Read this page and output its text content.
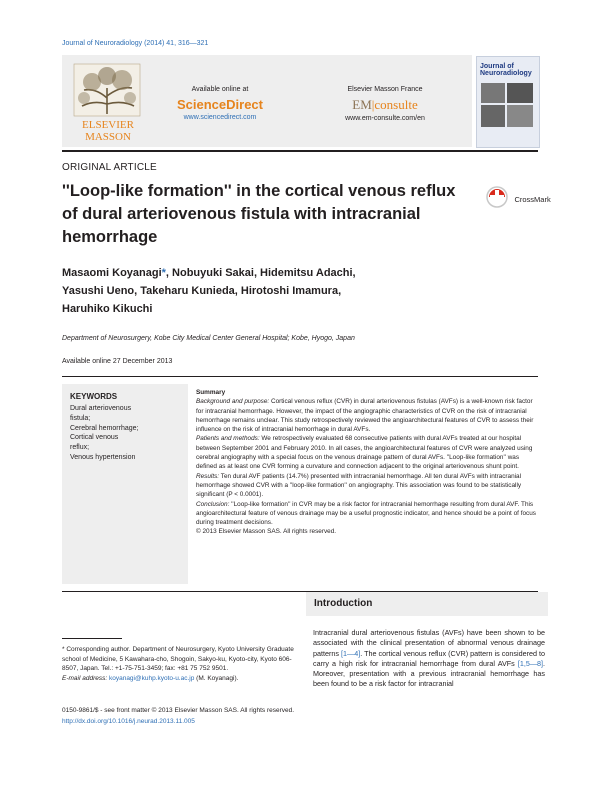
Journal of Neuroradiology (2014) 41, 316—321
ELSEVIER
MASSON
Available online at
ScienceDirect
www.sciencedirect.com
Elsevier Masson France
EM|consulte
www.em-consulte.com/en
Journal of
Neuroradiology
ORIGINAL ARTICLE
''Loop-like formation'' in the cortical venous reflux of dural arteriovenous fistula with intracranial hemorrhage
CrossMark
Masaomi Koyanagi*, Nobuyuki Sakai, Hidemitsu Adachi,
Yasushi Ueno, Takeharu Kunieda, Hirotoshi Imamura,
Haruhiko Kikuchi
Department of Neurosurgery, Kobe City Medical Center General Hospital; Kobe, Hyogo, Japan
Available online 27 December 2013
KEYWORDS
Dural arteriovenous
fistula;
Cerebral hemorrhage;
Cortical venous
reflux;
Venous hypertension
Summary
Background and purpose: Cortical venous reflux (CVR) in dural arteriovenous fistulas (AVFs) is a well-known risk factor for intracranial hemorrhage. However, the impact of the angiographic characteristics of CVR on the risk of intracranial hemorrhage remains unclear. This study retrospectively reviewed the angioarchitectural features of CVR to assess their influence on the risk of intracranial hemorrhage in dural AVFs.
Patients and methods: We retrospectively evaluated 68 consecutive patients with dural AVFs treated at our hospital between September 2001 and February 2010. In all cases, the angioarchitectural features of CVR were analyzed using cerebral angiography with a special focus on the venous drainage pattern of dural AVFs. ''Loop-like formation'' was defined as at least one CVR forming a curvature and connection adjacent to the original arteriovenous shunt point.
Results: Ten dural AVF patients (14.7%) presented with intracranial hemorrhage. All ten dural AVFs with intracranial hemorrhage showed CVR with a ''loop-like formation'' on angiography. This association was found to be statistically significant (P < 0.0001).
Conclusion: ''Loop-like formation'' in CVR may be a risk factor for intracranial hemorrhage resulting from dural AVF. This angioarchitectural feature of venous drainage may be a useful prognostic indicator, and hence should be a point of focus during treatment decisions.
© 2013 Elsevier Masson SAS. All rights reserved.
Introduction
Intracranial dural arteriovenous fistulas (AVFs) have been shown to be associated with the clinical presentation of abnormal venous drainage patterns [1—4]. The cortical venous reflux (CVR) pattern is considered to carry a high risk for intracranial hemorrhage from dural AVFs [1,5—8]. Moreover, presentation with a previous intracranial hemorrhage has been found to be a risk factor for intracranial
* Corresponding author. Department of Neurosurgery, Kyoto University Graduate school of Medicine, 5 Kawahara-cho, Shogoin, Sakyo-ku, Kyoto-city, Kyoto 606-8507, Japan. Tel.: +1-75-751-3459; fax: +81 75 752 9501.
E-mail address: koyanagi@kuhp.kyoto-u.ac.jp (M. Koyanagi).
0150-9861/$ - see front matter © 2013 Elsevier Masson SAS. All rights reserved.
http://dx.doi.org/10.1016/j.neurad.2013.11.005
